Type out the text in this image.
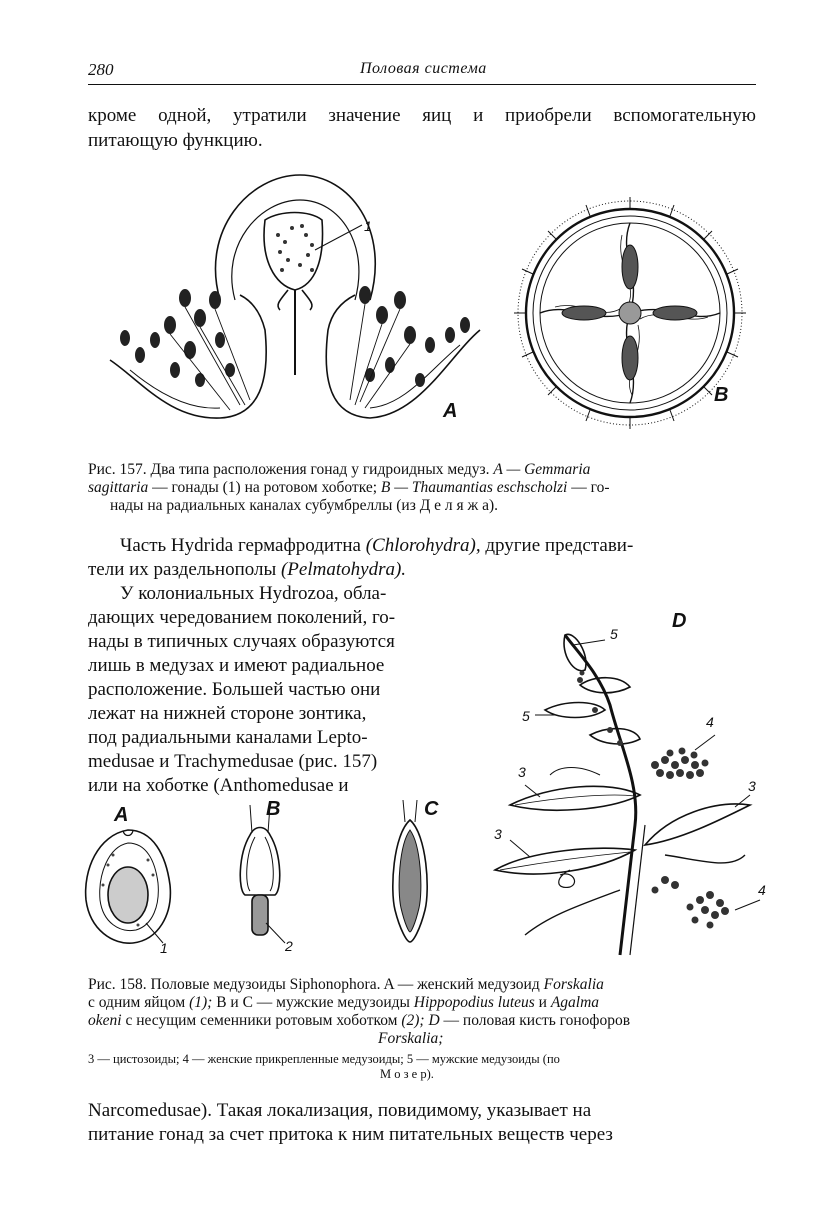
280	Половая система
кроме одной, утратили значение яиц и приобрели вспомогательную
питающую функцию.
1
A
B
Рис. 157. Два типа расположения гонад у гидроидных медуз. A — Gemmaria
sagittaria — гонады (1) на ротовом хоботке; B — Thaumantias eschscholzi — го-
нады на радиальных каналах субумбреллы (из Д е л я ж а).
Часть Hydrida гермафродитна (Chlorohydra), другие представи-
тели их раздельнополы (Pelmatohydra).
У колониальных Hydrozoa, обла-
дающих чередованием поколений, го-
нады в типичных случаях образуются
лишь в медузах и имеют радиальное
расположение. Большей частью они
лежат на нижней стороне зонтика,
под радиальными каналами Lepto-
medusae и Trachymedusae (рис. 157)
или на хоботке (Anthomedusae и
D
5
5	4
3
3
3
4
A
1
B
2
C
Рис. 158. Половые медузоиды Siphonophora. A — женский медузоид Forskalia
с одним яйцом (1); B и C — мужские медузоиды Hippopodius luteus и Agalma
okeni с несущим семенники ротовым хоботком (2); D — половая кисть гонофоров
Forskalia;
3 — цистозоиды; 4 — женские прикрепленные медузоиды; 5 — мужские медузоиды (по
М о з е р).
Narcomedusae). Такая локализация, повидимому, указывает на
питание гонад за счет притока к ним питательных веществ через
